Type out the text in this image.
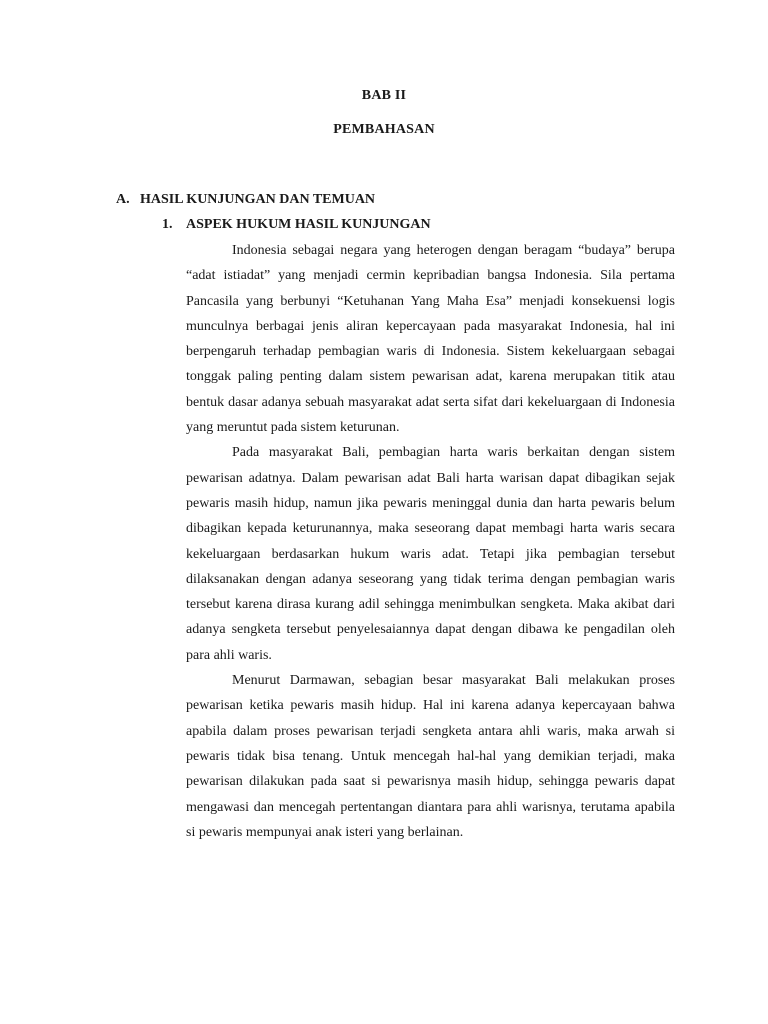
BAB II
PEMBAHASAN
A. HASIL KUNJUNGAN DAN TEMUAN
1. ASPEK HUKUM HASIL KUNJUNGAN

Indonesia sebagai negara yang heterogen dengan beragam “budaya” berupa “adat istiadat” yang menjadi cermin kepribadian bangsa Indonesia. Sila pertama Pancasila yang berbunyi “Ketuhanan Yang Maha Esa” menjadi konsekuensi logis munculnya berbagai jenis aliran kepercayaan pada masyarakat Indonesia, hal ini berpengaruh terhadap pembagian waris di Indonesia. Sistem kekeluargaan sebagai tonggak paling penting dalam sistem pewarisan adat, karena merupakan titik atau bentuk dasar adanya sebuah masyarakat adat serta sifat dari kekeluargaan di Indonesia yang meruntut pada sistem keturunan.

Pada masyarakat Bali, pembagian harta waris berkaitan dengan sistem pewarisan adatnya. Dalam pewarisan adat Bali harta warisan dapat dibagikan sejak pewaris masih hidup, namun jika pewaris meninggal dunia dan harta pewaris belum dibagikan kepada keturunannya, maka seseorang dapat membagi harta waris secara kekeluargaan berdasarkan hukum waris adat. Tetapi jika pembagian tersebut dilaksanakan dengan adanya seseorang yang tidak terima dengan pembagian waris tersebut karena dirasa kurang adil sehingga menimbulkan sengketa. Maka akibat dari adanya sengketa tersebut penyelesaiannya dapat dengan dibawa ke pengadilan oleh para ahli waris.

Menurut Darmawan, sebagian besar masyarakat Bali melakukan proses pewarisan ketika pewaris masih hidup. Hal ini karena adanya kepercayaan bahwa apabila dalam proses pewarisan terjadi sengketa antara ahli waris, maka arwah si pewaris tidak bisa tenang. Untuk mencegah hal-hal yang demikian terjadi, maka pewarisan dilakukan pada saat si pewarisnya masih hidup, sehingga pewaris dapat mengawasi dan mencegah pertentangan diantara para ahli warisnya, terutama apabila si pewaris mempunyai anak isteri yang berlainan.
